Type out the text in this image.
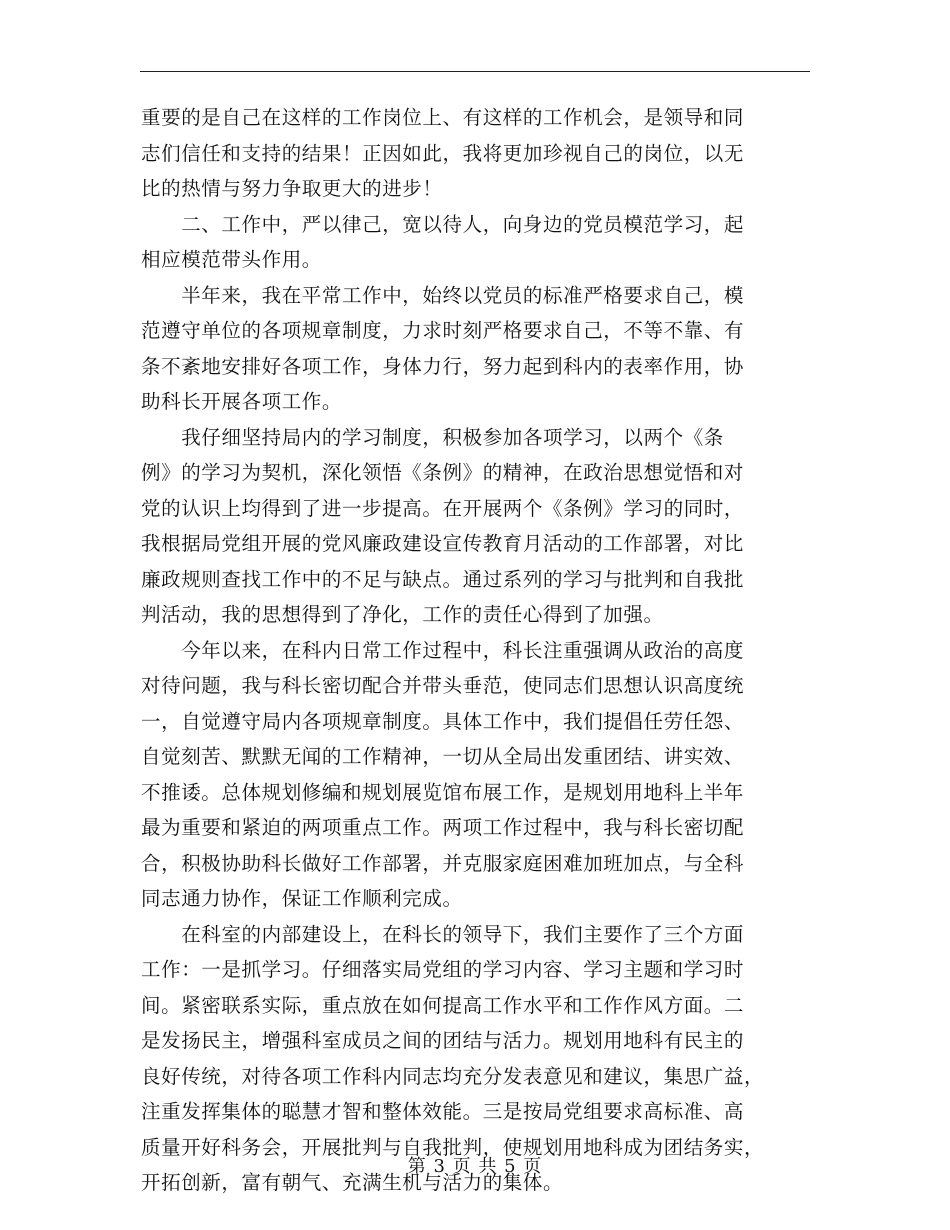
重要的是自己在这样的工作岗位上、有这样的工作机会，是领导和同
志们信任和支持的结果！正因如此，我将更加珍视自己的岗位，以无
比的热情与努力争取更大的进步！
　　二、工作中，严以律己，宽以待人，向身边的党员模范学习，起
相应模范带头作用。
　　半年来，我在平常工作中，始终以党员的标准严格要求自己，模
范遵守单位的各项规章制度，力求时刻严格要求自己，不等不靠、有
条不紊地安排好各项工作，身体力行，努力起到科内的表率作用，协
助科长开展各项工作。
　　我仔细坚持局内的学习制度，积极参加各项学习，以两个《条
例》的学习为契机，深化领悟《条例》的精神，在政治思想觉悟和对
党的认识上均得到了进一步提高。在开展两个《条例》学习的同时，
我根据局党组开展的党风廉政建设宣传教育月活动的工作部署，对比
廉政规则查找工作中的不足与缺点。通过系列的学习与批判和自我批
判活动，我的思想得到了净化，工作的责任心得到了加强。
　　今年以来，在科内日常工作过程中，科长注重强调从政治的高度
对待问题，我与科长密切配合并带头垂范，使同志们思想认识高度统
一，自觉遵守局内各项规章制度。具体工作中，我们提倡任劳任怨、
自觉刻苦、默默无闻的工作精神，一切从全局出发重团结、讲实效、
不推诿。总体规划修编和规划展览馆布展工作，是规划用地科上半年
最为重要和紧迫的两项重点工作。两项工作过程中，我与科长密切配
合，积极协助科长做好工作部署，并克服家庭困难加班加点，与全科
同志通力协作，保证工作顺利完成。
　　在科室的内部建设上，在科长的领导下，我们主要作了三个方面
工作：一是抓学习。仔细落实局党组的学习内容、学习主题和学习时
间。紧密联系实际，重点放在如何提高工作水平和工作作风方面。二
是发扬民主，增强科室成员之间的团结与活力。规划用地科有民主的
良好传统，对待各项工作科内同志均充分发表意见和建议，集思广益，
注重发挥集体的聪慧才智和整体效能。三是按局党组要求高标准、高
质量开好科务会，开展批判与自我批判，使规划用地科成为团结务实，
开拓创新，富有朝气、充满生机与活力的集体。
第 3 页 共 5 页
